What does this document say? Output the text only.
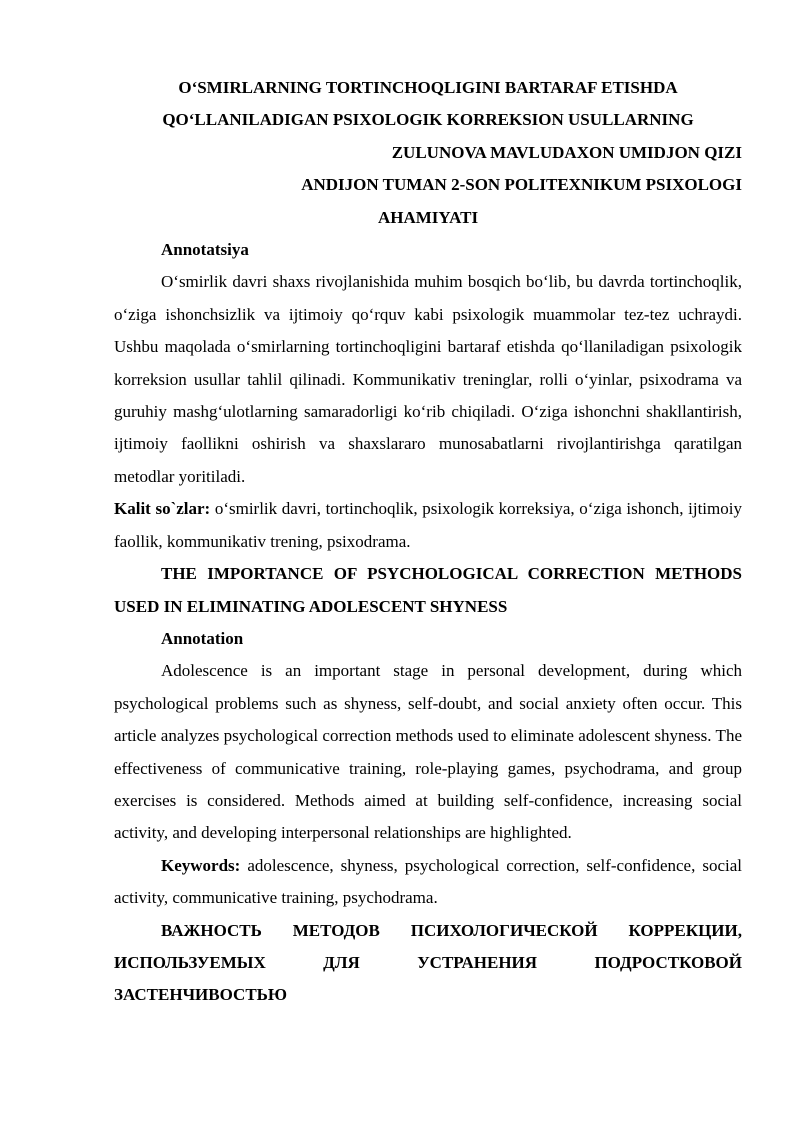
O‘SMIRLARNING TORTINCHOQLIGINI BARTARAF ETISHDA

QO‘LLANILADIGAN PSIXOLOGIK KORREKSION USULLARNING

ZULUNOVA MAVLUDAXON UMIDJON QIZI

ANDIJON TUMAN 2-SON POLITEXNIKUM PSIXOLOGI

AHAMIYATI

Annotatsiya

O‘smirlik davri shaxs rivojlanishida muhim bosqich bo‘lib, bu davrda tortinchoqlik, o‘ziga ishonchsizlik va ijtimoiy qo‘rquv kabi psixologik muammolar tez-tez uchraydi. Ushbu maqolada o‘smirlarning tortinchoqligini bartaraf etishda qo‘llaniladigan psixologik korreksion usullar tahlil qilinadi. Kommunikativ treninglar, rolli o‘yinlar, psixodrama va guruhiy mashg‘ulotlarning samaradorligi ko‘rib chiqiladi. O‘ziga ishonchni shakllantirish, ijtimoiy faollikni oshirish va shaxslararo munosabatlarni rivojlantirishga qaratilgan metodlar yoritiladi.

Kalit so`zlar: o‘smirlik davri, tortinchoqlik, psixologik korreksiya, o‘ziga ishonch, ijtimoiy faollik, kommunikativ trening, psixodrama.

THE IMPORTANCE OF PSYCHOLOGICAL CORRECTION METHODS USED IN ELIMINATING ADOLESCENT SHYNESS

Annotation

Adolescence is an important stage in personal development, during which psychological problems such as shyness, self-doubt, and social anxiety often occur. This article analyzes psychological correction methods used to eliminate adolescent shyness. The effectiveness of communicative training, role-playing games, psychodrama, and group exercises is considered. Methods aimed at building self-confidence, increasing social activity, and developing interpersonal relationships are highlighted.

Keywords: adolescence, shyness, psychological correction, self-confidence, social activity, communicative training, psychodrama.

ВАЖНОСТЬ МЕТОДОВ ПСИХОЛОГИЧЕСКОЙ КОРРЕКЦИИ, ИСПОЛЬЗУЕМЫХ ДЛЯ УСТРАНЕНИЯ ПОДРОСТКОВОЙ ЗАСТЕНЧИВОСТЬЮ
